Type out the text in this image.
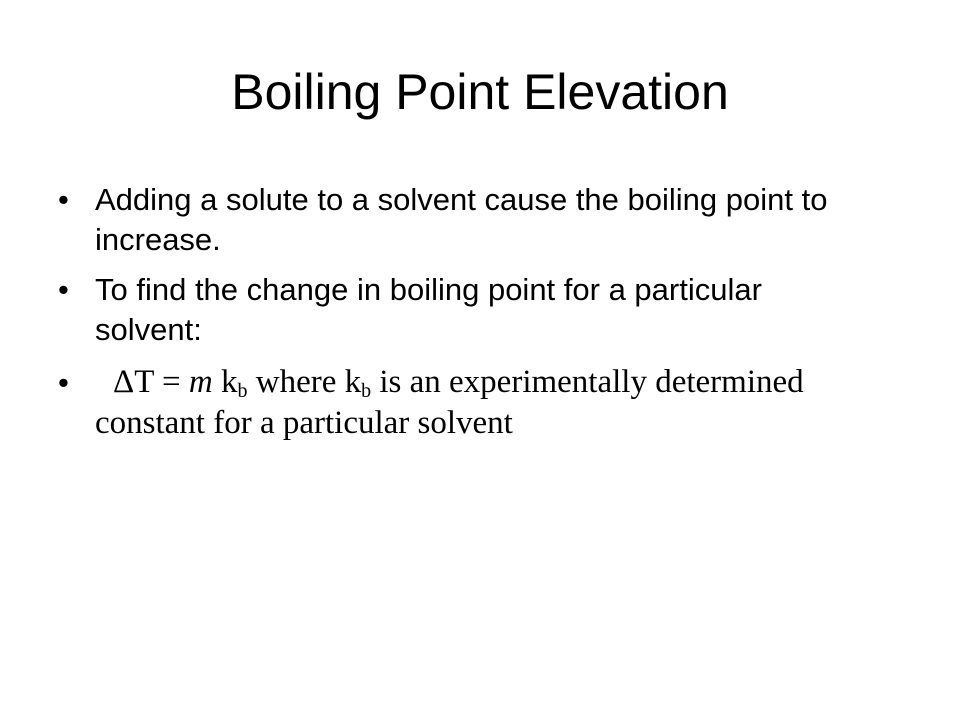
Boiling Point Elevation
• Adding a solute to a solvent cause the boiling point to increase.
• To find the change in boiling point for a particular solvent:
• ΔT = m $k_b$ where $k_b$ is an experimentally determined constant for a particular solvent
